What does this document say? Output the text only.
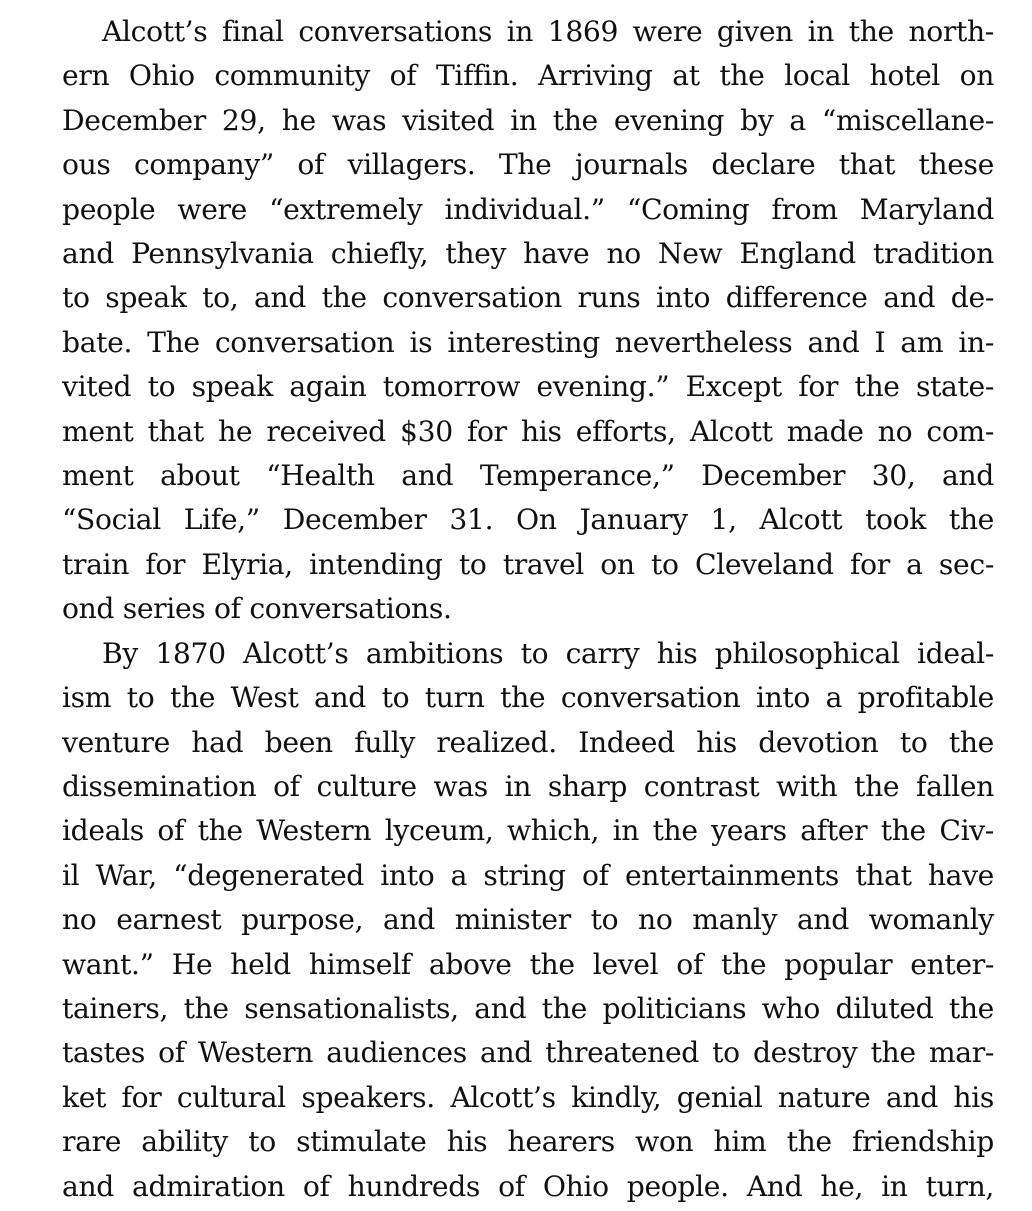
Alcott’s final conversations in 1869 were given in the north-
ern Ohio community of Tiffin. Arriving at the local hotel on
December 29, he was visited in the evening by a “miscellane-
ous company” of villagers. The journals declare that these
people were “extremely individual.” “Coming from Maryland
and Pennsylvania chiefly, they have no New England tradition
to speak to, and the conversation runs into difference and de-
bate. The conversation is interesting nevertheless and I am in-
vited to speak again tomorrow evening.” Except for the state-
ment that he received $30 for his efforts, Alcott made no com-
ment about “Health and Temperance,” December 30, and
“Social Life,” December 31. On January 1, Alcott took the
train for Elyria, intending to travel on to Cleveland for a sec-
ond series of conversations.
By 1870 Alcott’s ambitions to carry his philosophical ideal-
ism to the West and to turn the conversation into a profitable
venture had been fully realized. Indeed his devotion to the
dissemination of culture was in sharp contrast with the fallen
ideals of the Western lyceum, which, in the years after the Civ-
il War, “degenerated into a string of entertainments that have
no earnest purpose, and minister to no manly and womanly
want.” He held himself above the level of the popular enter-
tainers, the sensationalists, and the politicians who diluted the
tastes of Western audiences and threatened to destroy the mar-
ket for cultural speakers. Alcott’s kindly, genial nature and his
rare ability to stimulate his hearers won him the friendship
and admiration of hundreds of Ohio people. And he, in turn,
